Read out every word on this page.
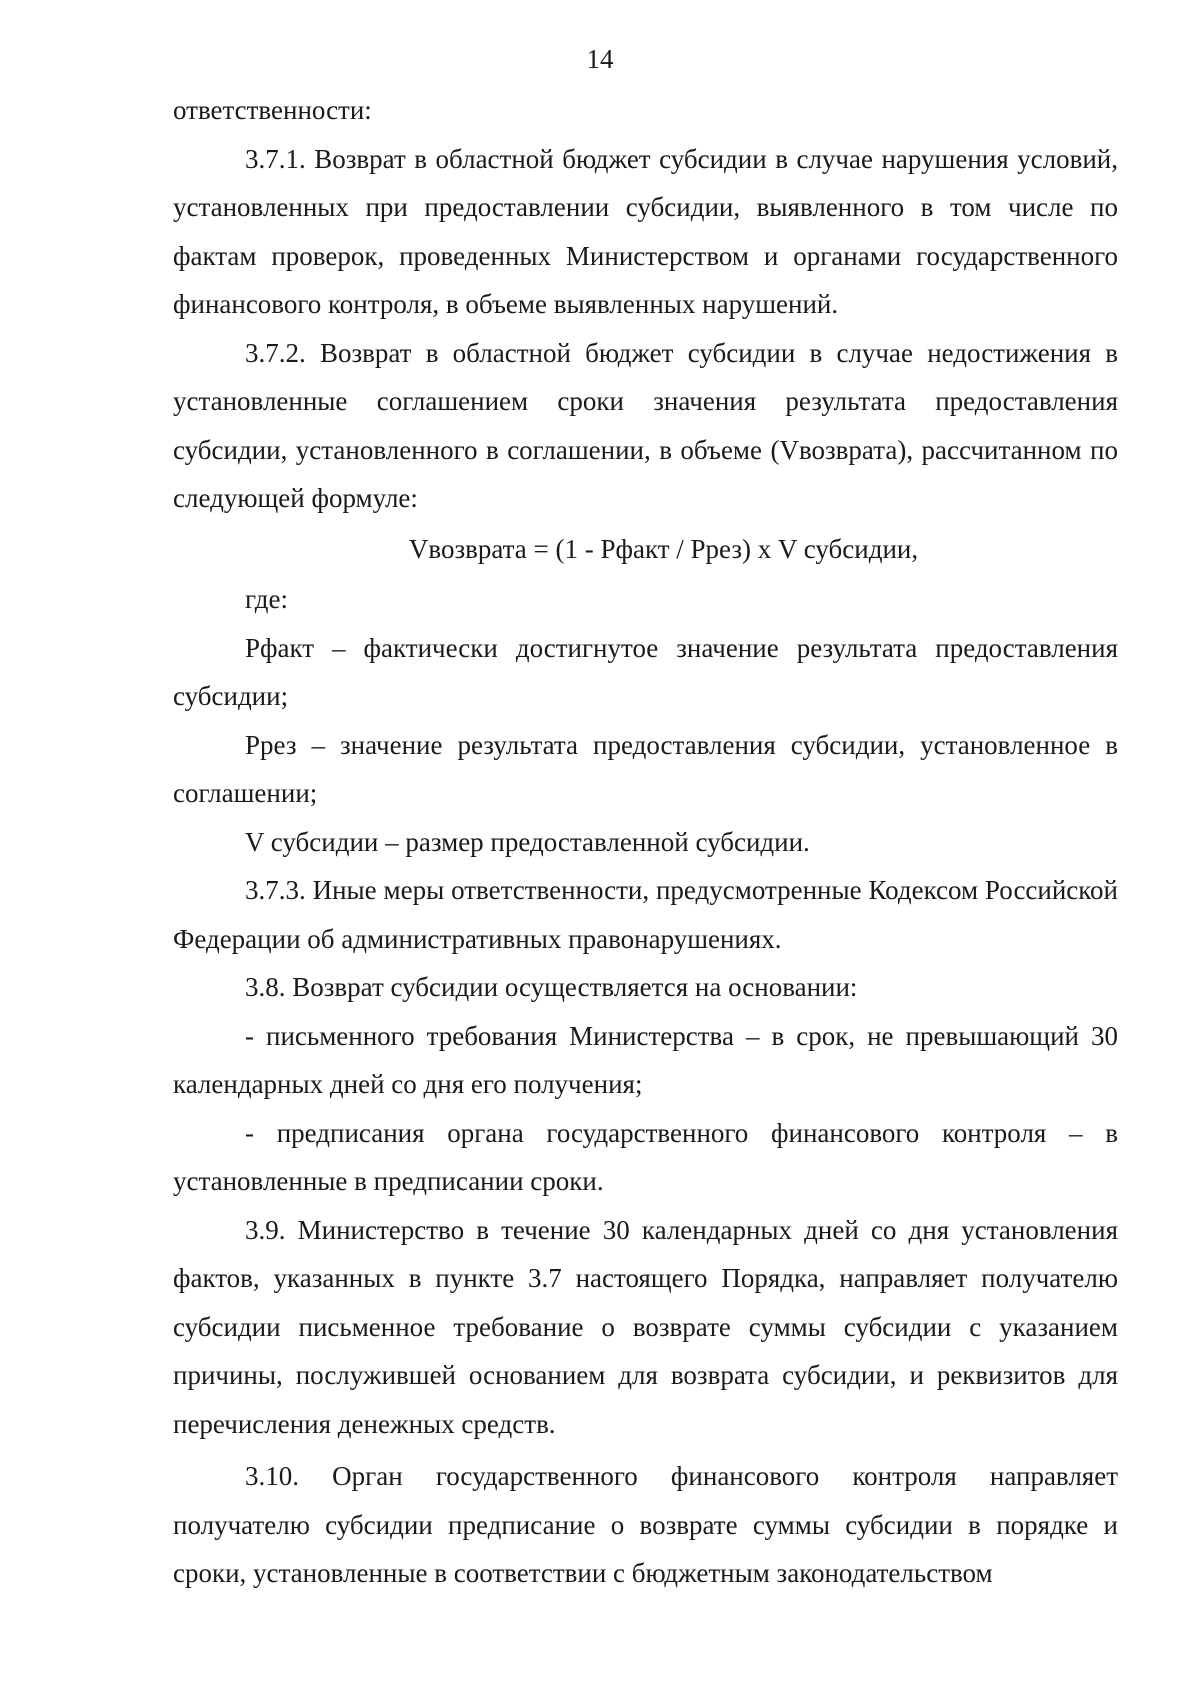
14

ответственности:

3.7.1. Возврат в областной бюджет субсидии в случае нарушения условий, установленных при предоставлении субсидии, выявленного в том числе по фактам проверок, проведенных Министерством и органами государственного финансового контроля, в объеме выявленных нарушений.

3.7.2. Возврат в областной бюджет субсидии в случае недостижения в установленные соглашением сроки значения результата предоставления субсидии, установленного в соглашении, в объеме (Vвозврата), рассчитанном по следующей формуле:

Vвозврата = (1 - Рфакт / Ррез) х V субсидии,

где:

Рфакт – фактически достигнутое значение результата предоставления субсидии;

Ррез – значение результата предоставления субсидии, установленное в соглашении;

V субсидии – размер предоставленной субсидии.

3.7.3. Иные меры ответственности, предусмотренные Кодексом Российской Федерации об административных правонарушениях.

3.8. Возврат субсидии осуществляется на основании:

- письменного требования Министерства – в срок, не превышающий 30 календарных дней со дня его получения;

- предписания органа государственного финансового контроля – в установленные в предписании сроки.

3.9. Министерство в течение 30 календарных дней со дня установления фактов, указанных в пункте 3.7 настоящего Порядка, направляет получателю субсидии письменное требование о возврате суммы субсидии с указанием причины, послужившей основанием для возврата субсидии, и реквизитов для перечисления денежных средств.

3.10. Орган государственного финансового контроля направляет получателю субсидии предписание о возврате суммы субсидии в порядке и сроки, установленные в соответствии с бюджетным законодательством
